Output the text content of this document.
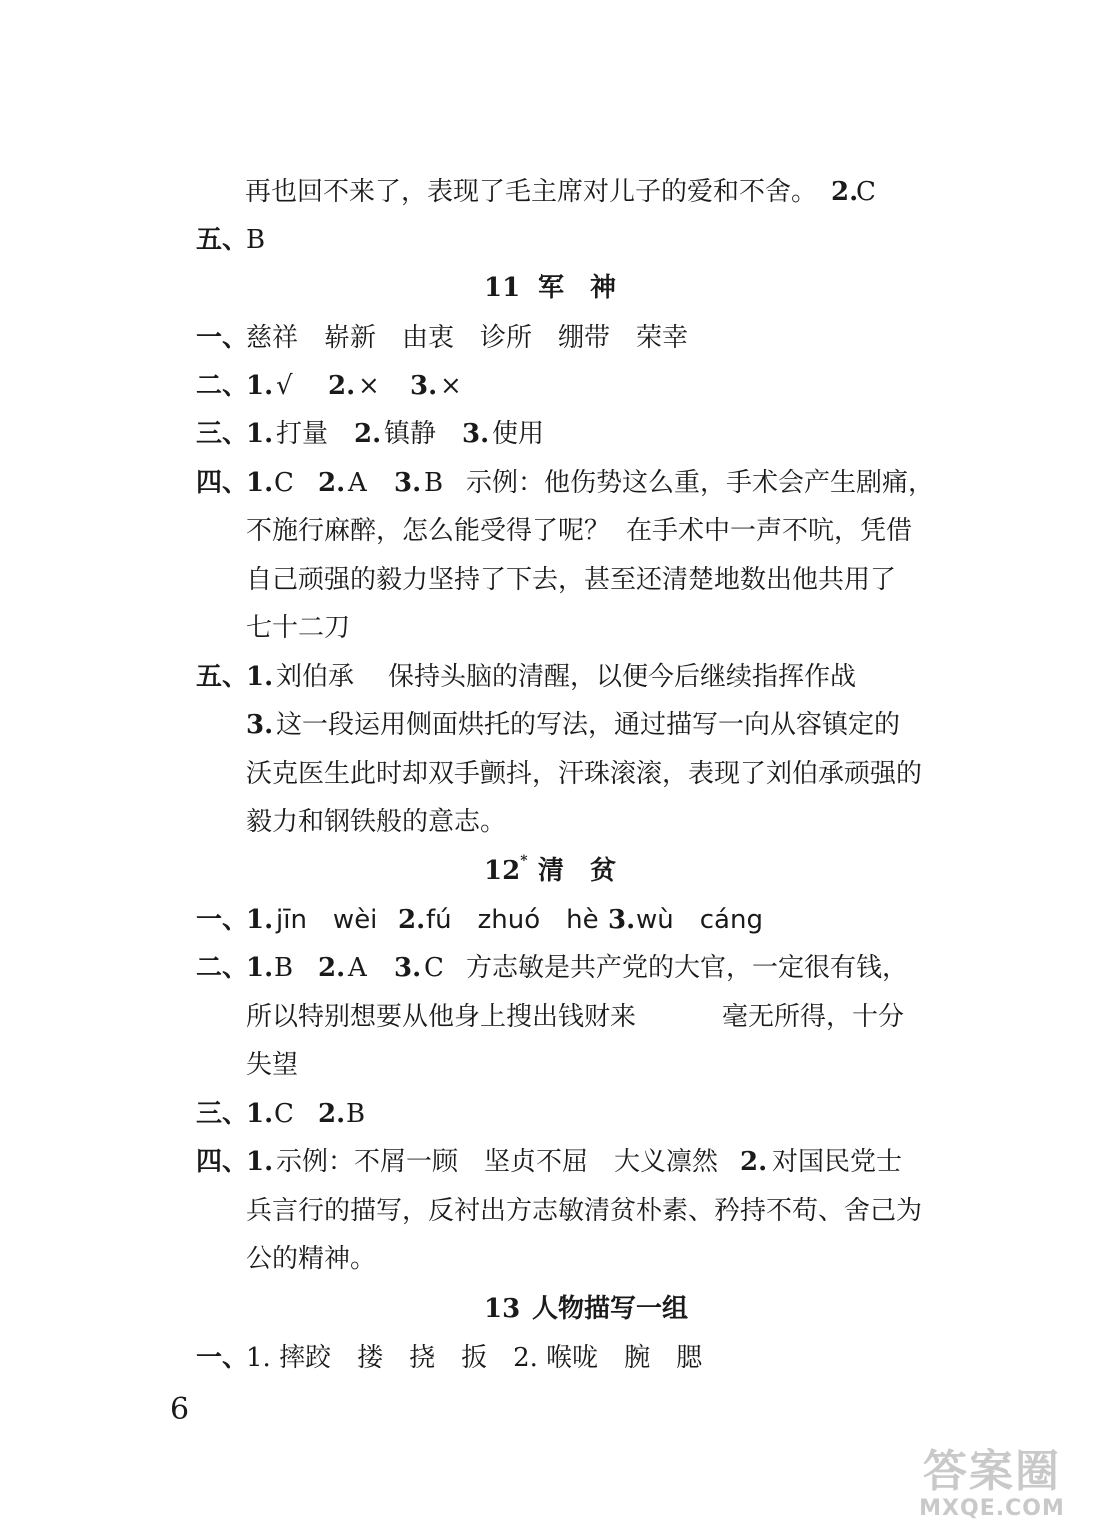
再也回不来了，表现了毛主席对儿子的爱和不舍。 2.
C
五、
B
11 军　神
一、
慈祥 崭新 由衷 诊所 绷带 荣幸
二、
1. √ 2. × 3. ×
三、
1. 打量 2. 镇静 3. 使用
四、
1. C 2. A 3. B 示例：他伤势这么重，手术会产生剧痛，
不施行麻醉，怎么能受得了呢？ 在手术中一声不吭，凭借
自己顽强的毅力坚持了下去，甚至还清楚地数出他共用了
七十二刀
五、
1. 刘伯承 保持头脑的清醒，以便今后继续指挥作战
3. 这一段运用侧面烘托的写法，通过描写一向从容镇定的
沃克医生此时却双手颤抖，汗珠滚滚，表现了刘伯承顽强的
毅力和钢铁般的意志。
12* 清　贫
一、
1. jīn　wèi 2. fú　zhuó　hè 3. wù　cáng
二、
1. B 2. A 3. C 方志敏是共产党的大官，一定很有钱，
所以特别想要从他身上搜出钱财来	毫无所得，十分
失望
三、
1. C 2. B
四、
1. 示例：不屑一顾　坚贞不屈　大义凛然 2. 对国民党士
兵言行的描写，反衬出方志敏清贫朴素、矜持不苟、舍己为
公的精神。
13 人物描写一组
一、
1. 摔跤　搂　挠　扳　2. 喉咙　腕　腮
6
答案圈
MXQE.COM
